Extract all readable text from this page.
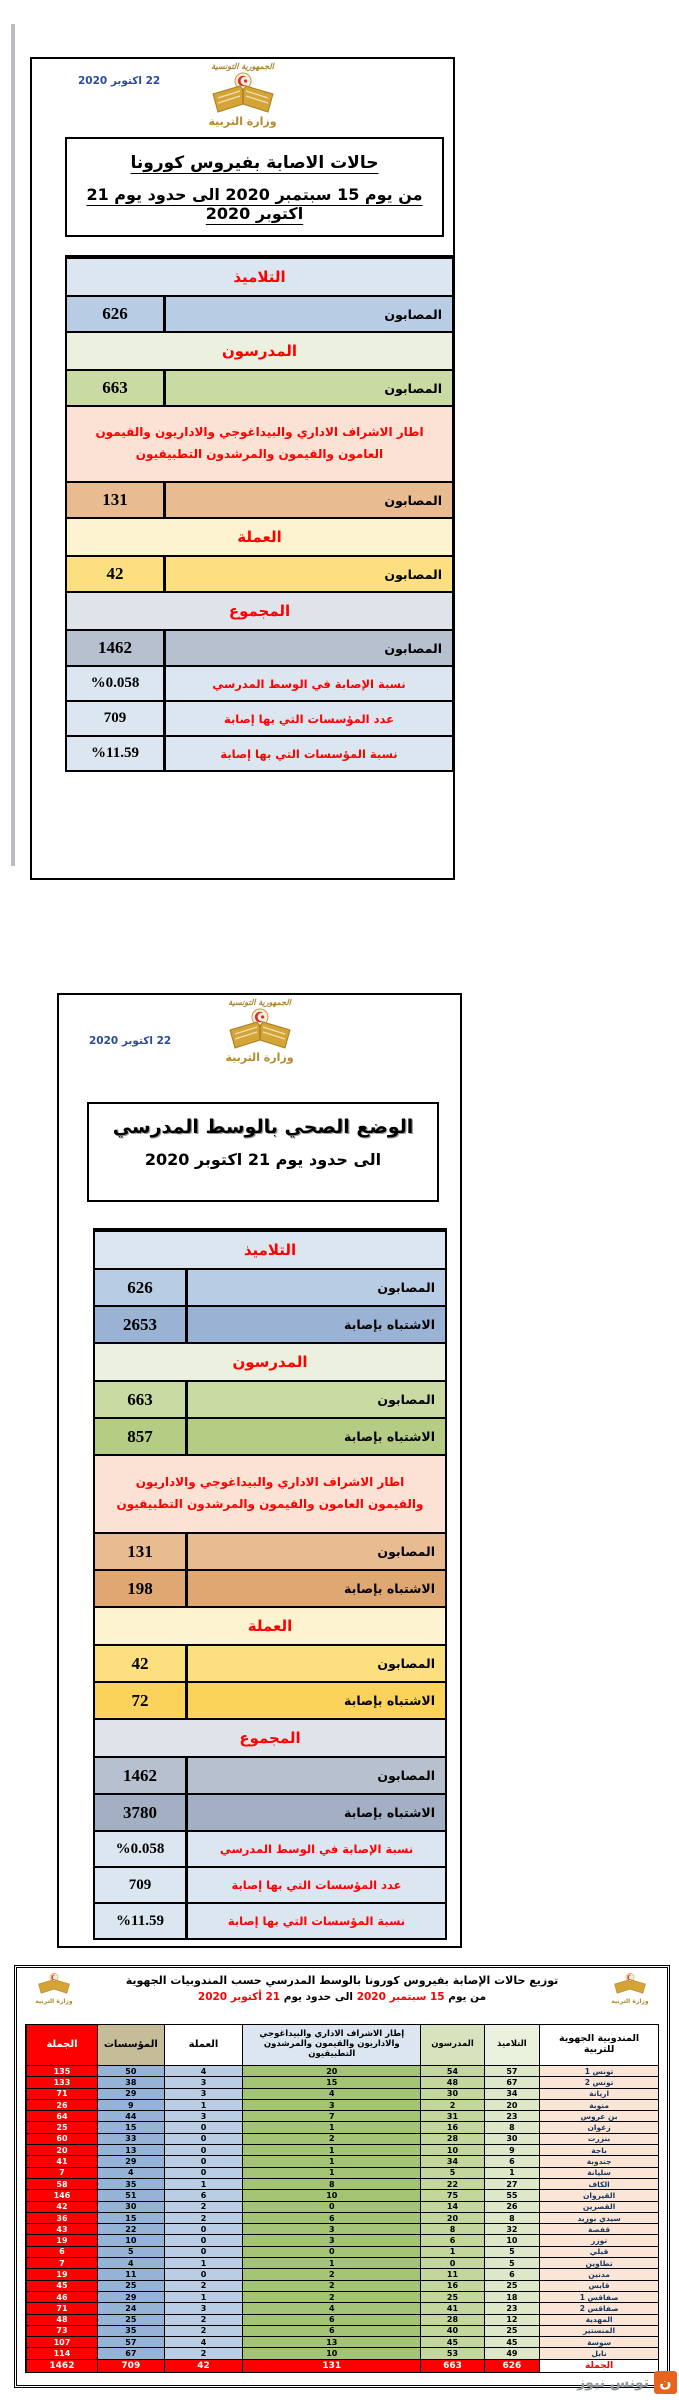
22 اكتوبر 2020
الجمهورية التونسية
وزارة التربية
حالات الاصابة بفيروس كورونا
من يوم 15 سبتمبر 2020 الى حدود يوم 21 اكتوبر 2020
التلاميذ
المصابون
626
المدرسون
المصابون
663
اطار الاشراف الاداري والبيداغوجي والاداريون والقيمون العامون والقيمون والمرشدون التطبيقيون
المصابون
131
العملة
المصابون
42
المجموع
المصابون
1462
نسبة الإصابة في الوسط المدرسي
%0.058
عدد المؤسسات التي بها إصابة
709
نسبة المؤسسات التي بها إصابة
%11.59
22 اكتوبر 2020
الجمهورية التونسية
وزارة التربية
الوضع الصحي بالوسط المدرسي
الى حدود يوم 21 اكتوبر 2020
التلاميذ
المصابون
626
الاشتباه بإصابة
2653
المدرسون
المصابون
663
الاشتباه بإصابة
857
اطار الاشراف الاداري والبيداغوجي والاداريون والقيمون العامون والقيمون والمرشدون التطبيقيون
المصابون
131
الاشتباه بإصابة
198
العملة
المصابون
42
الاشتباه بإصابة
72
المجموع
المصابون
1462
الاشتباه بإصابة
3780
نسبة الإصابة في الوسط المدرسي
%0.058
عدد المؤسسات التي بها إصابة
709
نسبة المؤسسات التي بها إصابة
%11.59
وزارة التربية	وزارة التربية
توزيع حالات الإصابة بفيروس كورونا بالوسط المدرسي حسب المندوبيات الجهوية
من يوم 15 سبتمبر 2020 الى حدود يوم 21 أكتوبر 2020
المندوبية الجهوية للتربية
التلاميذ
المدرسون
إطار الاشراف الاداري والبيداغوجي والاداريون والقيمون والمرشدون التطبيقيون
العملة
المؤسسات
الجملة
تونس 1
57
54
20
4
50
135
تونس 2
67
48
15
3
38
133
اريانة
34
30
4
3
29
71
منوبة
20
2
3
1
9
26
بن عروس
23
31
7
3
44
64
زغوان
8
16
1
0
15
25
بنزرت
30
28
2
0
33
60
باجة
9
10
1
0
13
20
جندوبة
6
34
1
0
29
41
سليانة
1
5
1
0
4
7
الكاف
27
22
8
1
35
58
القيروان
55
75
10
6
51
146
القصرين
26
14
0
2
30
42
سيدي بوزيد
8
20
6
2
15
36
قفصة
32
8
3
0
22
43
توزر
10
6
3
0
10
19
قبلي
5
1
0
0
5
6
تطاوين
5
0
1
1
4
7
مدنين
6
11
2
0
11
19
قابس
25
16
2
2
25
45
صفاقس 1
18
25
2
1
29
46
صفاقس 2
23
41
4
3
24
71
المهدية
12
28
6
2
25
48
المنستير
25
40
6
2
35
73
سوسة
45
45
13
4
57
107
نابل
49
53
10
2
67
114
الجملة
626
663
131
42
709
1462
تونس نيوز ن
